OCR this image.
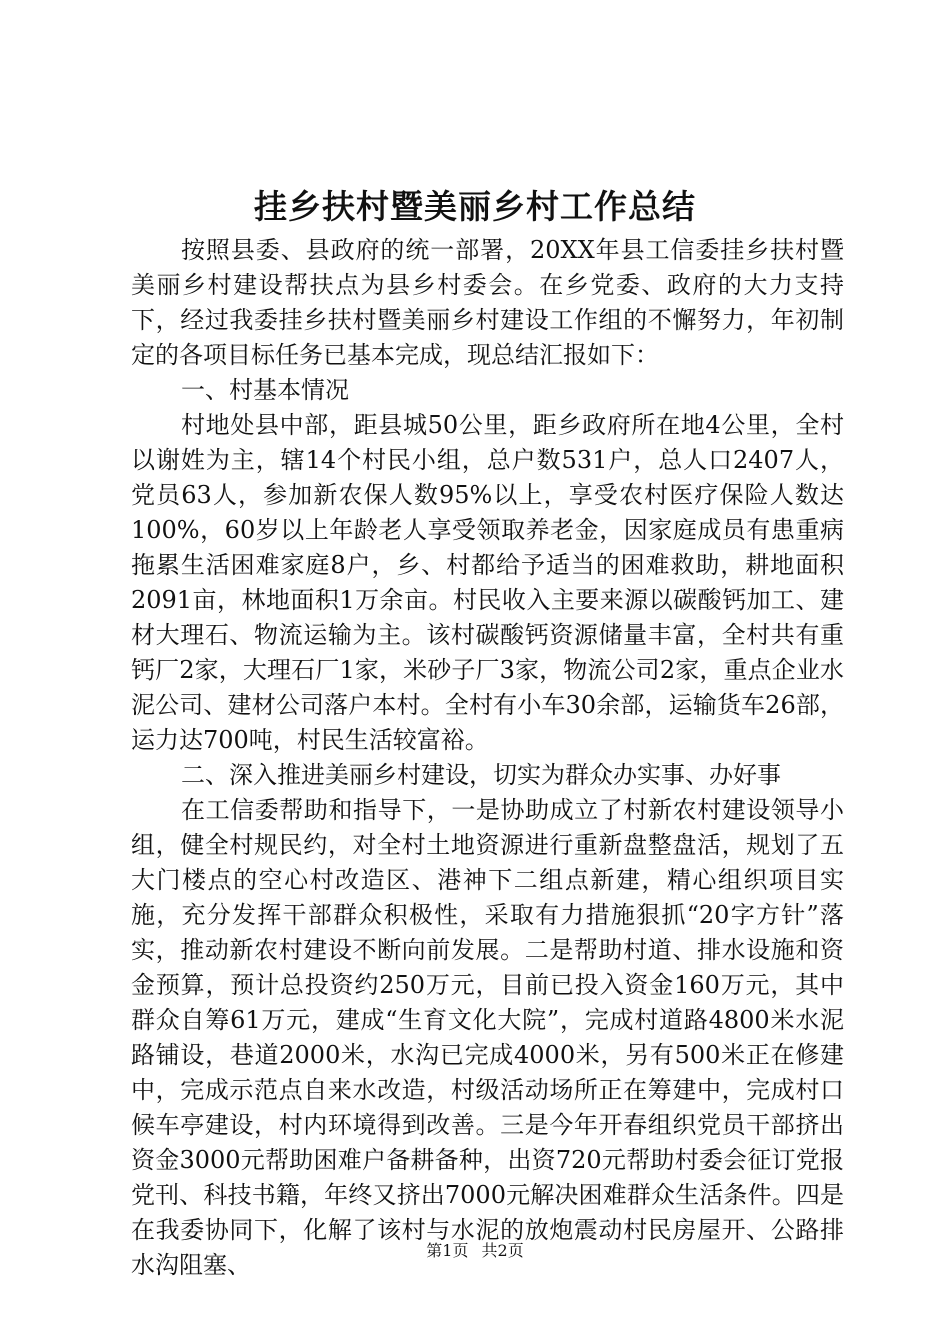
挂乡扶村暨美丽乡村工作总结

按照县委、县政府的统一部署，20XX年县工信委挂乡扶村暨美丽乡村建设帮扶点为县乡村委会。在乡党委、政府的大力支持下，经过我委挂乡扶村暨美丽乡村建设工作组的不懈努力，年初制定的各项目标任务已基本完成，现总结汇报如下：

一、村基本情况

村地处县中部，距县城50公里，距乡政府所在地4公里，全村以谢姓为主，辖14个村民小组，总户数531户，总人口2407人，党员63人，参加新农保人数95%以上，享受农村医疗保险人数达100%，60岁以上年龄老人享受领取养老金，因家庭成员有患重病拖累生活困难家庭8户，乡、村都给予适当的困难救助，耕地面积2091亩，林地面积1万余亩。村民收入主要来源以碳酸钙加工、建材大理石、物流运输为主。该村碳酸钙资源储量丰富，全村共有重钙厂2家，大理石厂1家，米砂子厂3家，物流公司2家，重点企业水泥公司、建材公司落户本村。全村有小车30余部，运输货车26部，运力达700吨，村民生活较富裕。

二、深入推进美丽乡村建设，切实为群众办实事、办好事

在工信委帮助和指导下，一是协助成立了村新农村建设领导小组，健全村规民约，对全村土地资源进行重新盘整盘活，规划了五大门楼点的空心村改造区、港神下二组点新建，精心组织项目实施，充分发挥干部群众积极性，采取有力措施狠抓“20字方针”落实，推动新农村建设不断向前发展。二是帮助村道、排水设施和资金预算，预计总投资约250万元，目前已投入资金160万元，其中群众自筹61万元，建成“生育文化大院”，完成村道路4800米水泥路铺设，巷道2000米，水沟已完成4000米，另有500米正在修建中，完成示范点自来水改造，村级活动场所正在筹建中，完成村口候车亭建设，村内环境得到改善。三是今年开春组织党员干部挤出资金3000元帮助困难户备耕备种，出资720元帮助村委会征订党报党刊、科技书籍，年终又挤出7000元解决困难群众生活条件。四是在我委协同下，化解了该村与水泥的放炮震动村民房屋开、公路排水沟阻塞、

第1页 共2页
